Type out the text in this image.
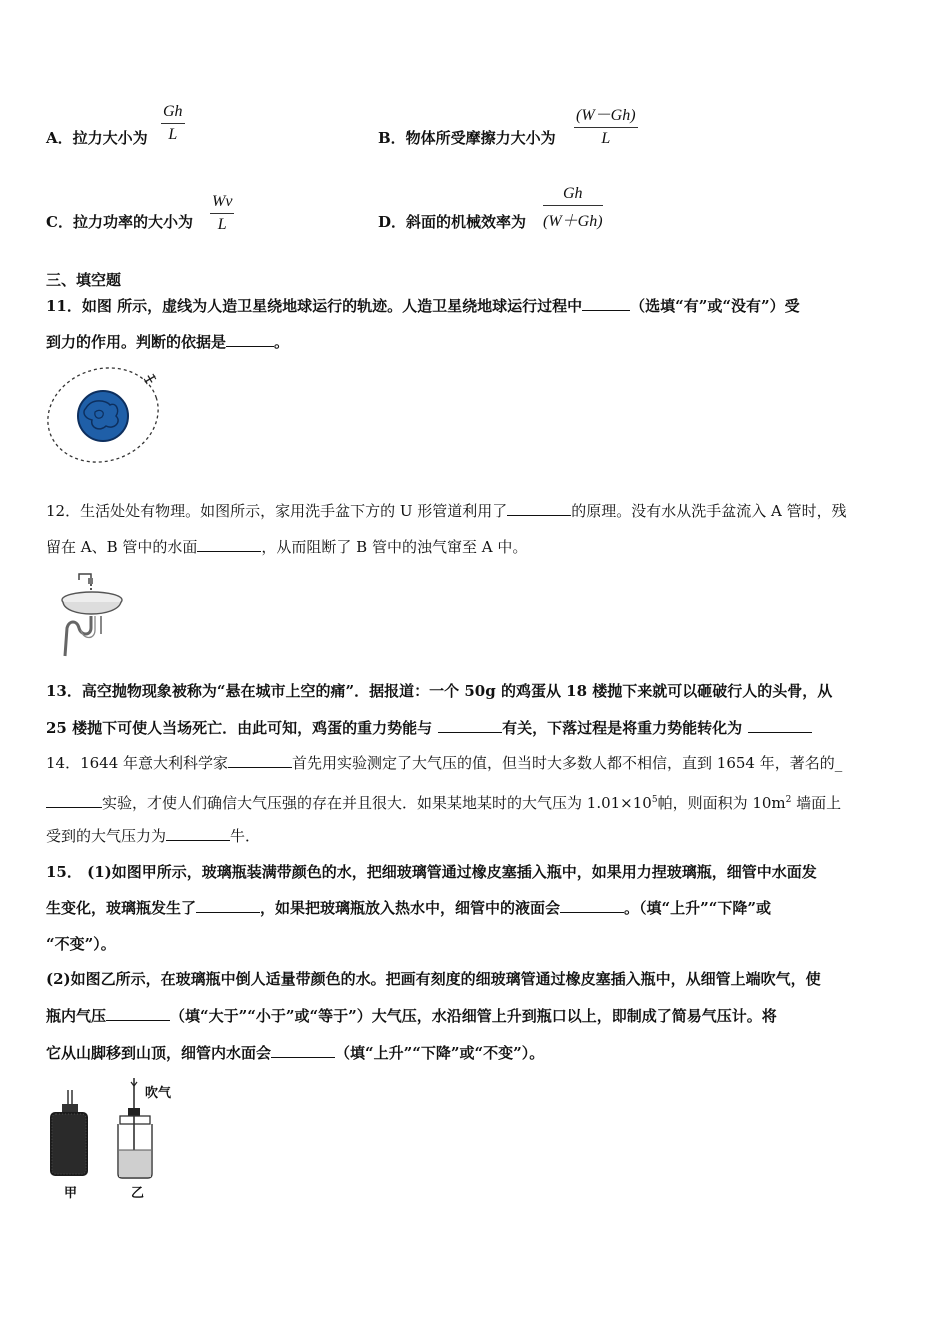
A．拉力大小为 $\frac{Gh}{L}$	B．物体所受摩擦力大小为 $\frac{(W-Gh)}{L}$
C．拉力功率的大小为 $\frac{Wv}{L}$	D．斜面的机械效率为 $\frac{Gh}{(W+Gh)}$
三、填空题
11．如图 所示，虚线为人造卫星绕地球运行的轨迹。人造卫星绕地球运行过程中	（选填“有”或“没有”）受
到力的作用。判断的依据是	。
12．生活处处有物理。如图所示，家用洗手盆下方的 U 形管道利用了	的原理。没有水从洗手盆流入 A 管时，残
留在 A、B 管中的水面	，从而阻断了 B 管中的浊气窜至 A 中。
13．高空抛物现象被称为“悬在城市上空的痛”．据报道：一个 50g 的鸡蛋从 18 楼抛下来就可以砸破行人的头骨，从
25 楼抛下可使人当场死亡．由此可知，鸡蛋的重力势能与	有关，下落过程是将重力势能转化为
14．1644 年意大利科学家	首先用实验测定了大气压的值，但当时大多数人都不相信，直到 1654 年，著名的_
实验，才使人们确信大气压强的存在并且很大．如果某地某时的大气压为 $1.01\times 10^5$帕，则面积为 $10m^2$ 墙面上
受到的大气压力为	牛．
15． (1)如图甲所示，玻璃瓶装满带颜色的水，把细玻璃管通过橡皮塞插入瓶中，如果用力捏玻璃瓶，细管中水面发
生变化，玻璃瓶发生了	，如果把玻璃瓶放入热水中，细管中的液面会	。（填“上升”“下降”或
“不变”）。
(2)如图乙所示，在玻璃瓶中倒人适量带颜色的水。把画有刻度的细玻璃管通过橡皮塞插入瓶中，从细管上端吹气，使
瓶内气压	（填“大于”“小于”或“等于”）大气压，水沿细管上升到瓶口以上，即制成了简易气压计。将
它从山脚移到山顶，细管内水面会	（填“上升”“下降”或“不变”）。
吹气
甲	乙
